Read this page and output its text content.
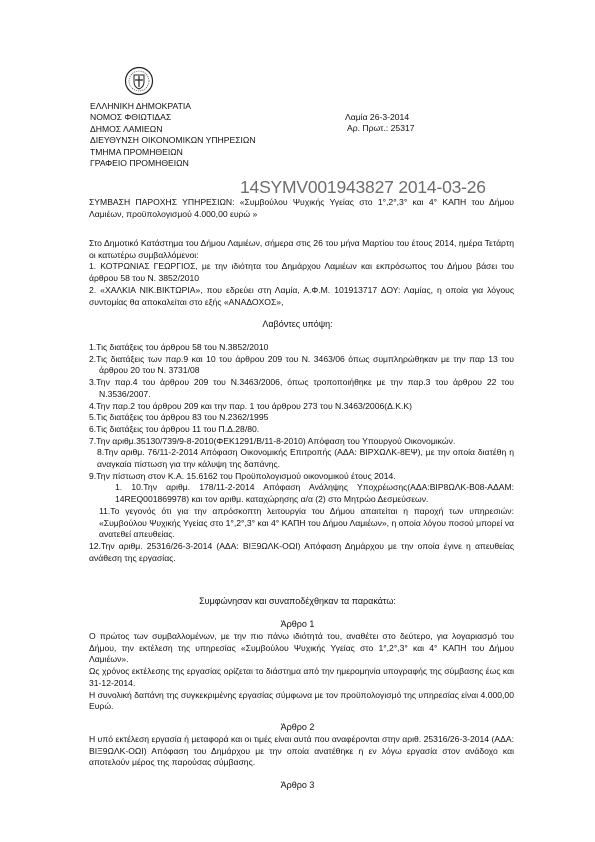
ΕΛΛΗΝΙΚΗ ΔΗΜΟΚΡΑΤΙΑ
ΝΟΜΟΣ ΦΘΙΩΤΙΔΑΣ
ΔΗΜΟΣ ΛΑΜΙΕΩΝ
ΔΙΕΥΘΥΝΣΗ ΟΙΚΟΝΟΜΙΚΩΝ ΥΠΗΡΕΣΙΩΝ
ΤΜΗΜΑ ΠΡΟΜΗΘΕΙΩΝ
ΓΡΑΦΕΙΟ ΠΡΟΜΗΘΕΙΩΝ
Λαμία 26-3-2014
Αρ. Πρωτ.: 25317
14SYMV001943827 2014-03-26

ΣΥΜΒΑΣΗ ΠΑΡΟΧΗΣ ΥΠΗΡΕΣΙΩΝ: «Συμβούλου Ψυχικής Υγείας στο 1°,2°,3° και 4° ΚΑΠΗ του Δήμου Λαμιέων, προϋπολογισμού 4.000,00 ευρώ »

Στο Δημοτικό Κατάστημα του Δήμου Λαμιέων, σήμερα στις 26 του μήνα Μαρτίου του έτους 2014, ημέρα Τετάρτη οι κατωτέρω συμβαλλόμενοι:

1. ΚΟΤΡΩΝΙΑΣ ΓΕΩΡΓΙΟΣ, με την ιδιότητα του Δημάρχου Λαμιέων και εκπρόσωπος του Δήμου βάσει του άρθρου 58 του Ν. 3852/2010

2. «ΧΑΛΚΙΑ ΝΙΚ.ΒΙΚΤΩΡΙΑ», που εδρεύει στη Λαμία, Α.Φ.Μ. 101913717 ΔΟΥ: Λαμίας, η οποία για λόγους συντομίας θα αποκαλείται στο εξής «ΑΝΑΔΟΧΟΣ»,

Λαβόντες υπόψη:

1.Τις διατάξεις του άρθρου 58 του Ν.3852/2010

2.Τις διατάξεις των παρ.9 και 10 του άρθρου 209 του Ν. 3463/06 όπως συμπληρώθηκαν με την παρ 13 του άρθρου 20 του Ν. 3731/08

3.Την παρ.4 του άρθρου 209 του Ν.3463/2006, όπως τροποποιήθηκε με την παρ.3 του άρθρου 22 του Ν.3536/2007.

4.Την παρ.2 του άρθρου 209 και την παρ. 1 του άρθρου 273 του Ν.3463/2006(Δ.Κ.Κ)

5.Τις διατάξεις του άρθρου 83 του Ν.2362/1995

6.Τις διατάξεις του άρθρου 11 του Π.Δ.28/80.

7.Την αριθμ.35130/739/9-8-2010(ΦΕΚ1291/Β/11-8-2010) Απόφαση του Υπουργού Οικονομικών.

8.Την αριθμ. 76/11-2-2014 Απόφαση Οικονομικής Επιτροπής (ΑΔΑ: ΒΙΡΧΩΛΚ-8ΕΨ), με την οποία διατέθη η αναγκαία πίστωση για την κάλυψη της δαπάνης.

9.Την πίστωση στον Κ.Α. 15.6162 του Προϋπολογισμού οικονομικού έτους 2014.

1. 10.Την αριθμ. 178/11-2-2014 Απόφαση Ανάληψης Υποχρέωσης(ΑΔΑ:ΒΙΡ8ΩΛΚ-Β08-ΑΔΑΜ: 14REQ001869978) και τον αριθμ. καταχώρησης α/α (2) στο Μητρώο Δεσμεύσεων.

11.Το γεγονός ότι για την απρόσκοπτη λειτουργία του Δήμου απαιτείται η παροχή των υπηρεσιών: «Συμβούλου Ψυχικής Υγείας στο 1°,2°,3° και 4° ΚΑΠΗ του Δήμου Λαμιέων», η οποία λόγου ποσού μπορεί να ανατεθεί απευθείας.

12.Την αριθμ. 25316/26-3-2014 (ΑΔΑ: ΒΙΞ9ΩΛΚ-ΟΩΙ) Απόφαση Δημάρχου με την οποία έγινε η απευθείας ανάθεση της εργασίας.

Συμφώνησαν και συναποδέχθηκαν τα παρακάτω:
Άρθρο 1

Ο πρώτος των συμβαλλομένων, με την πιο πάνω ιδιότητά του, αναθέτει στο δεύτερο, για λογαριασμό του Δήμου, την εκτέλεση της υπηρεσίας «Συμβούλου Ψυχικής Υγείας στο 1°,2°,3° και 4° ΚΑΠΗ του Δήμου Λαμιέων».

Ως χρόνος εκτέλεσης της εργασίας ορίζεται το διάστημα από την ημερομηνία υπογραφής της σύμβασης έως και 31-12-2014.

Η συνολική δαπάνη της συγκεκριμένης εργασίας σύμφωνα με τον προϋπολογισμό της υπηρεσίας είναι 4.000,00 Ευρώ.

Άρθρο 2

Η υπό εκτέλεση εργασία ή μεταφορά και οι τιμές είναι αυτά που αναφέρονται στην αριθ. 25316/26-3-2014 (ΑΔΑ: ΒΙΞ9ΩΛΚ-ΟΩΙ) Απόφαση του Δημάρχου με την οποία ανατέθηκε η εν λόγω εργασία στον ανάδοχο και αποτελούν μέρος της παρούσας σύμβασης.

Άρθρο 3
